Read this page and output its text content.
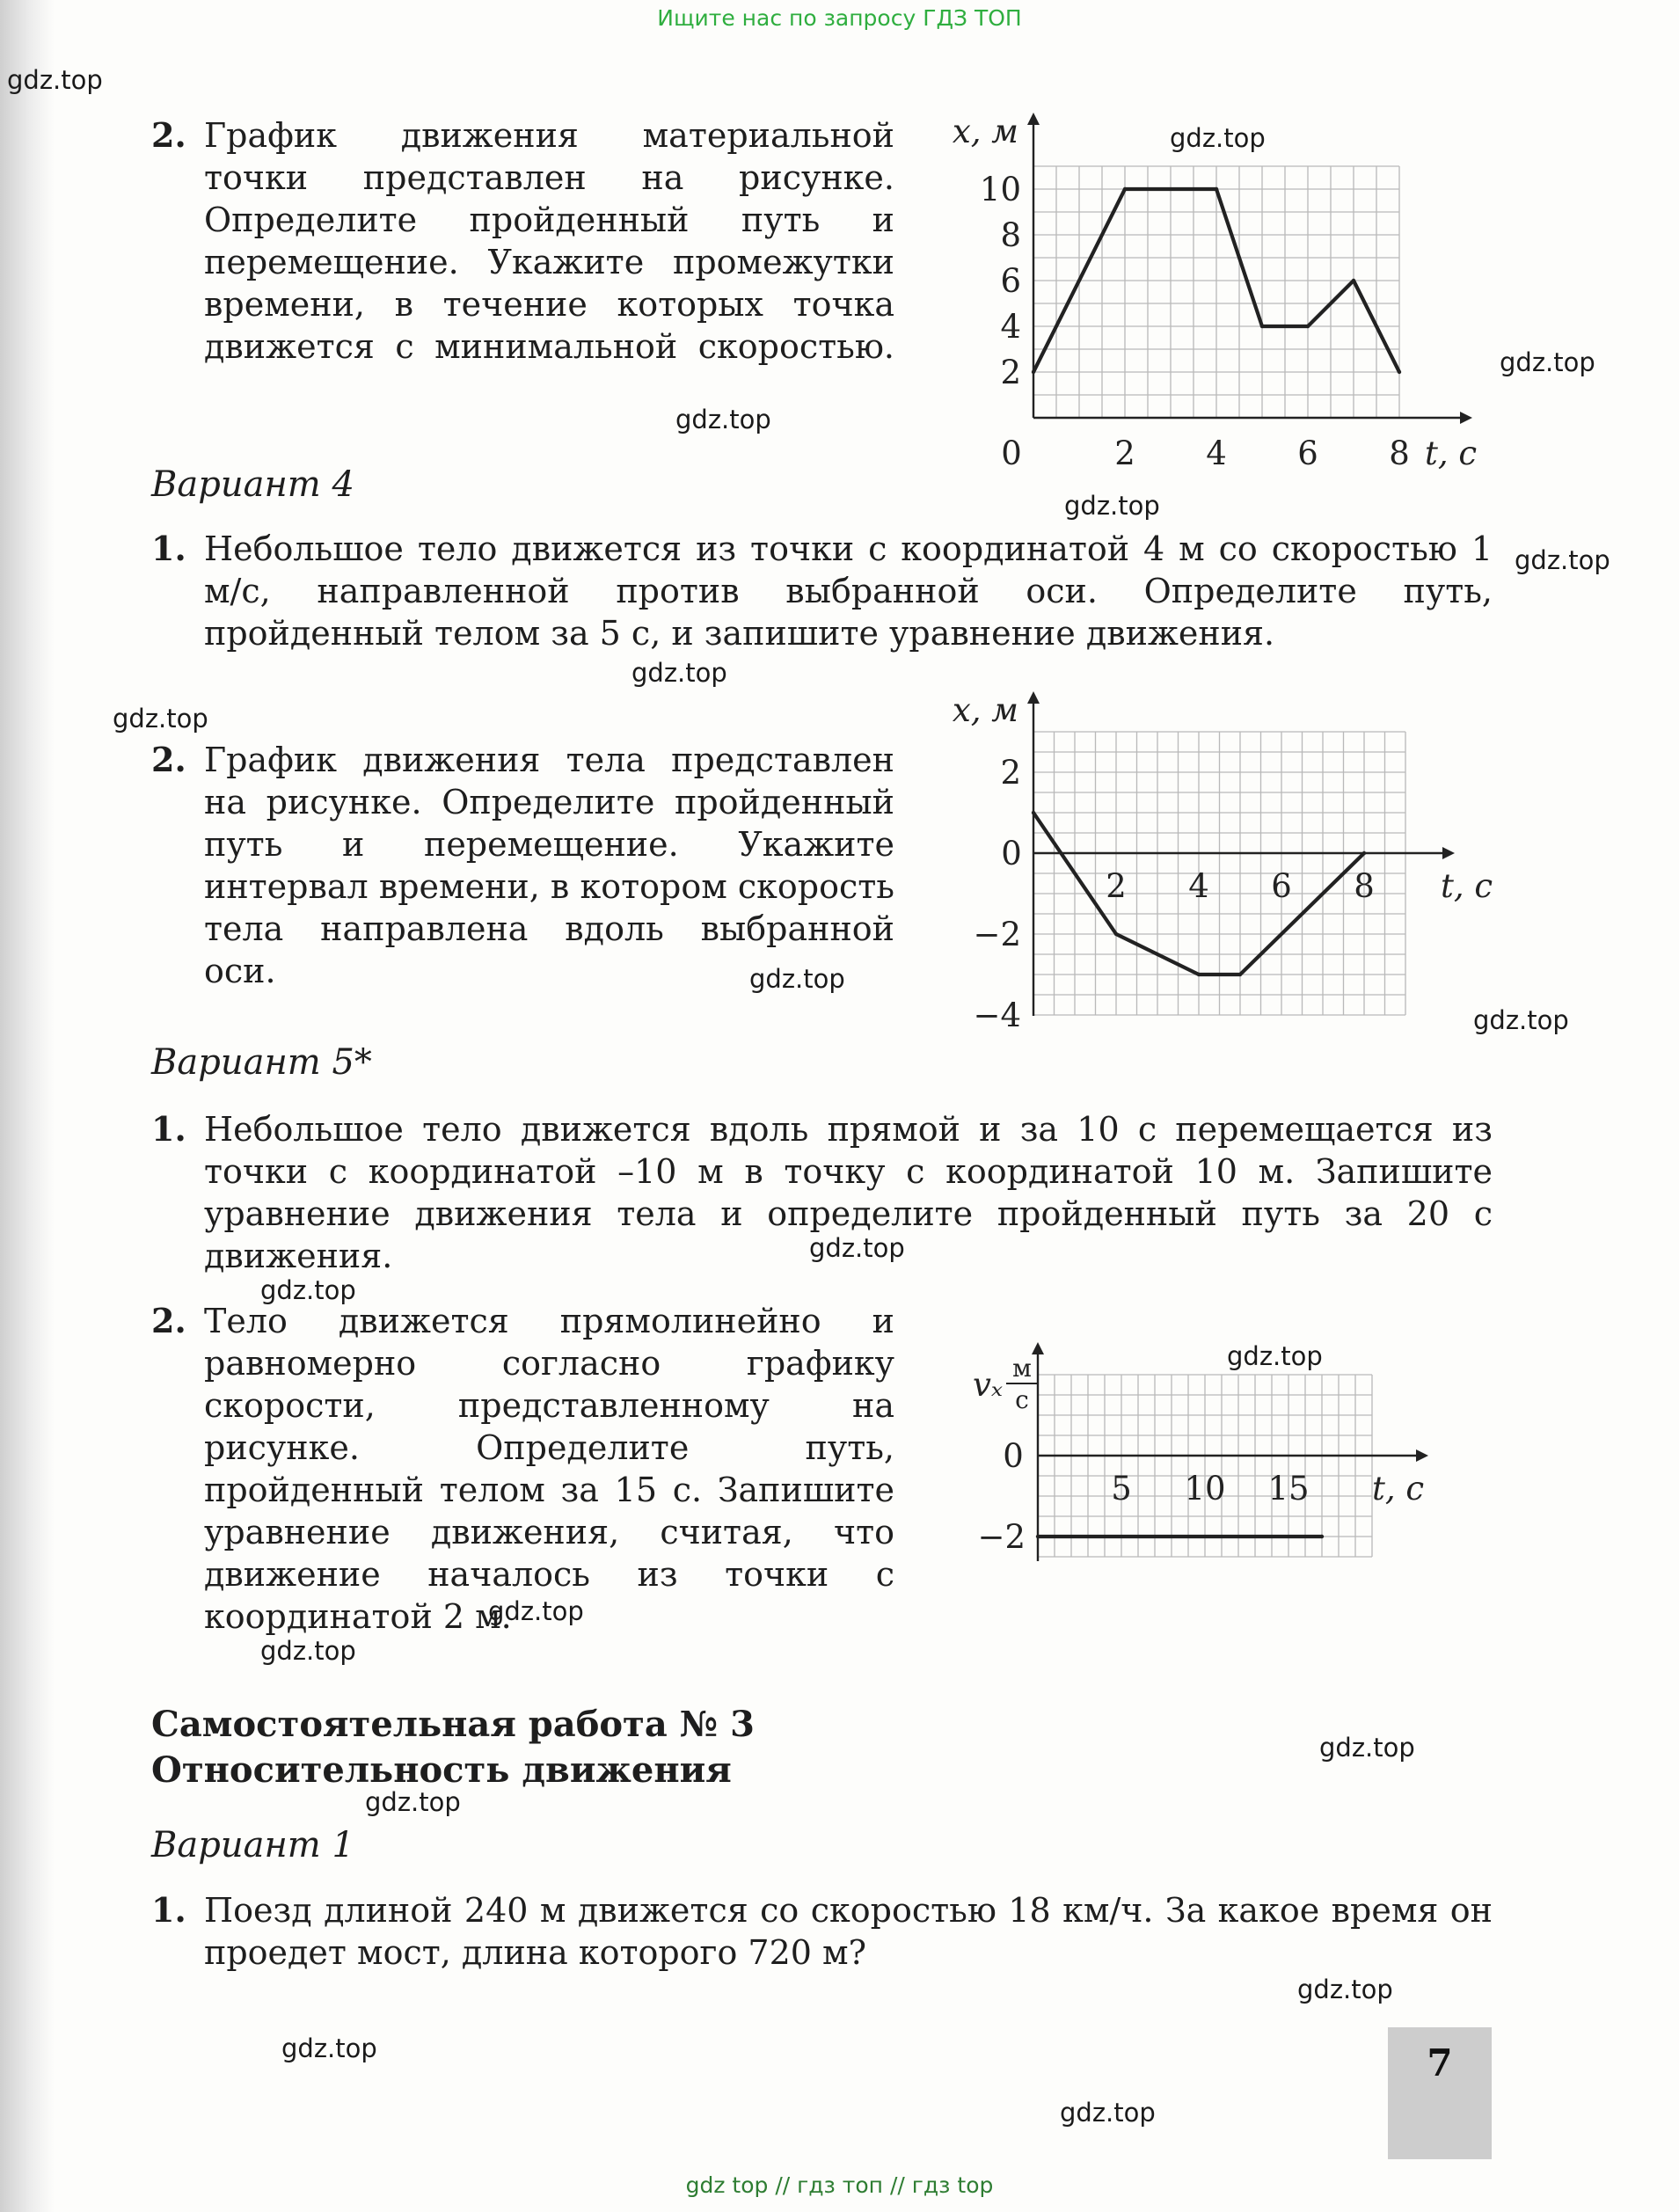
Ищите нас по запросу ГДЗ ТОП
gdz.top
gdz.top
gdz.top
gdz.top
gdz.top
gdz.top
gdz.top
gdz.top
gdz.top
gdz.top
gdz.top
gdz.top
gdz.top
gdz.top
gdz.top
gdz.top
gdz.top
gdz.top
gdz.top
gdz.top
2. График движения материальной точки представлен на рисунке. Определите пройденный путь и перемещение. Укажите промежутки времени, в течение которых точка движется с минимальной скоростью.
2 4 6 8
2
4
6
8
10
0	t, с
x, м
Вариант 4
1. Небольшое тело движется из точки с координатой 4 м со скоростью 1 м/с, направленной против выбранной оси. Определите путь, пройденный телом за 5 с, и запишите уравнение движения.
2. График движения тела представлен на рисунке. Определите пройденный путь и перемещение. Укажите интервал времени, в котором скорость тела направлена вдоль выбранной оси.
2 4 6 8
2
−2
−4
0
t, с
x, м
Вариант 5*
1. Небольшое тело движется вдоль прямой и за 10 с перемещается из точки с координатой –10 м в точку с координатой 10 м. Запишите уравнение движения тела и определите пройденный путь за 20 с движения.
2. Тело движется прямолинейно и равномерно согласно графику скорости, представленному на рисунке. Определите путь, пройденный телом за 15 с. Запишите уравнение движения, считая, что движение началось из точки с координатой 2 м.
5 10 15
−2
0
t, с
vₓ м
с
Самостоятельная работа № 3
Относительность движения
Вариант 1
1. Поезд длиной 240 м движется со скоростью 18 км/ч. За какое время он проедет мост, длина которого 720 м?
7
gdz top // гдз топ // гдз top
